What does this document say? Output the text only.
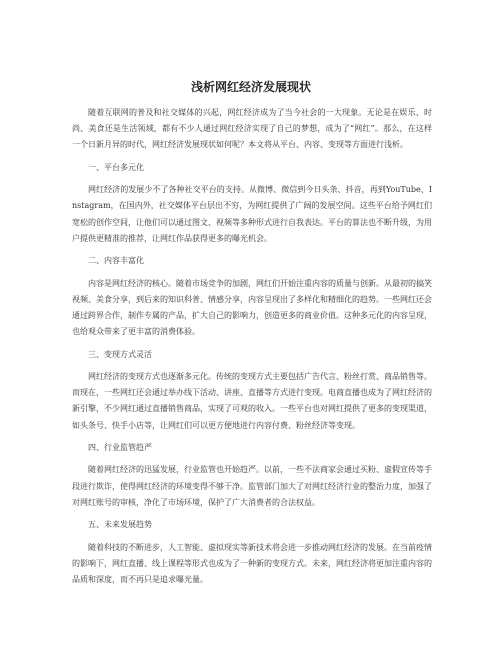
浅析网红经济发展现状

随着互联网的普及和社交媒体的兴起，网红经济成为了当今社会的一大现象。无论是在娱乐、时尚、美食还是生活领域，都有不少人通过网红经济实现了自己的梦想，成为了“网红”。那么，在这样一个日新月异的时代，网红经济发展现状如何呢？本文将从平台、内容、变现等方面进行浅析。

一、平台多元化

网红经济的发展少不了各种社交平台的支持。从微博、微信到今日头条、抖音，再到YouTube、Instagram，在国内外，社交媒体平台层出不穷，为网红提供了广阔的发展空间。这些平台给予网红们宽松的创作空间，让他们可以通过图文、视频等多种形式进行自我表达。平台的算法也不断升级，为用户提供更精准的推荐，让网红作品获得更多的曝光机会。

二、内容丰富化

内容是网红经济的核心。随着市场竞争的加剧，网红们开始注重内容的质量与创新。从最初的搞笑视频、美食分享，到后来的知识科普、情感分享，内容呈现出了多样化和精细化的趋势。一些网红还会通过跨界合作，制作专属的产品，扩大自己的影响力，创造更多的商业价值。这种多元化的内容呈现，也给观众带来了更丰富的消费体验。

三、变现方式灵活

网红经济的变现方式也逐渐多元化。传统的变现方式主要包括广告代言、粉丝打赏、商品销售等。而现在，一些网红还会通过举办线下活动、讲座、直播等方式进行变现。电商直播也成为了网红经济的新引擎，不少网红通过直播销售商品，实现了可观的收入。一些平台也对网红提供了更多的变现渠道，如头条号、快手小店等，让网红们可以更方便地进行内容付费、粉丝经济等变现。

四、行业监管趋严

随着网红经济的迅猛发展，行业监管也开始趋严。以前，一些不法商家会通过买粉、虚假宣传等手段进行欺诈，使得网红经济的环境变得不够干净。监管部门加大了对网红经济行业的整治力度，加强了对网红账号的审核，净化了市场环境，保护了广大消费者的合法权益。

五、未来发展趋势

随着科技的不断进步，人工智能、虚拟现实等新技术将会进一步推动网红经济的发展。在当前疫情的影响下，网红直播、线上课程等形式也成为了一种新的变现方式。未来，网红经济将更加注重内容的品质和深度，而不再只是追求曝光量。
